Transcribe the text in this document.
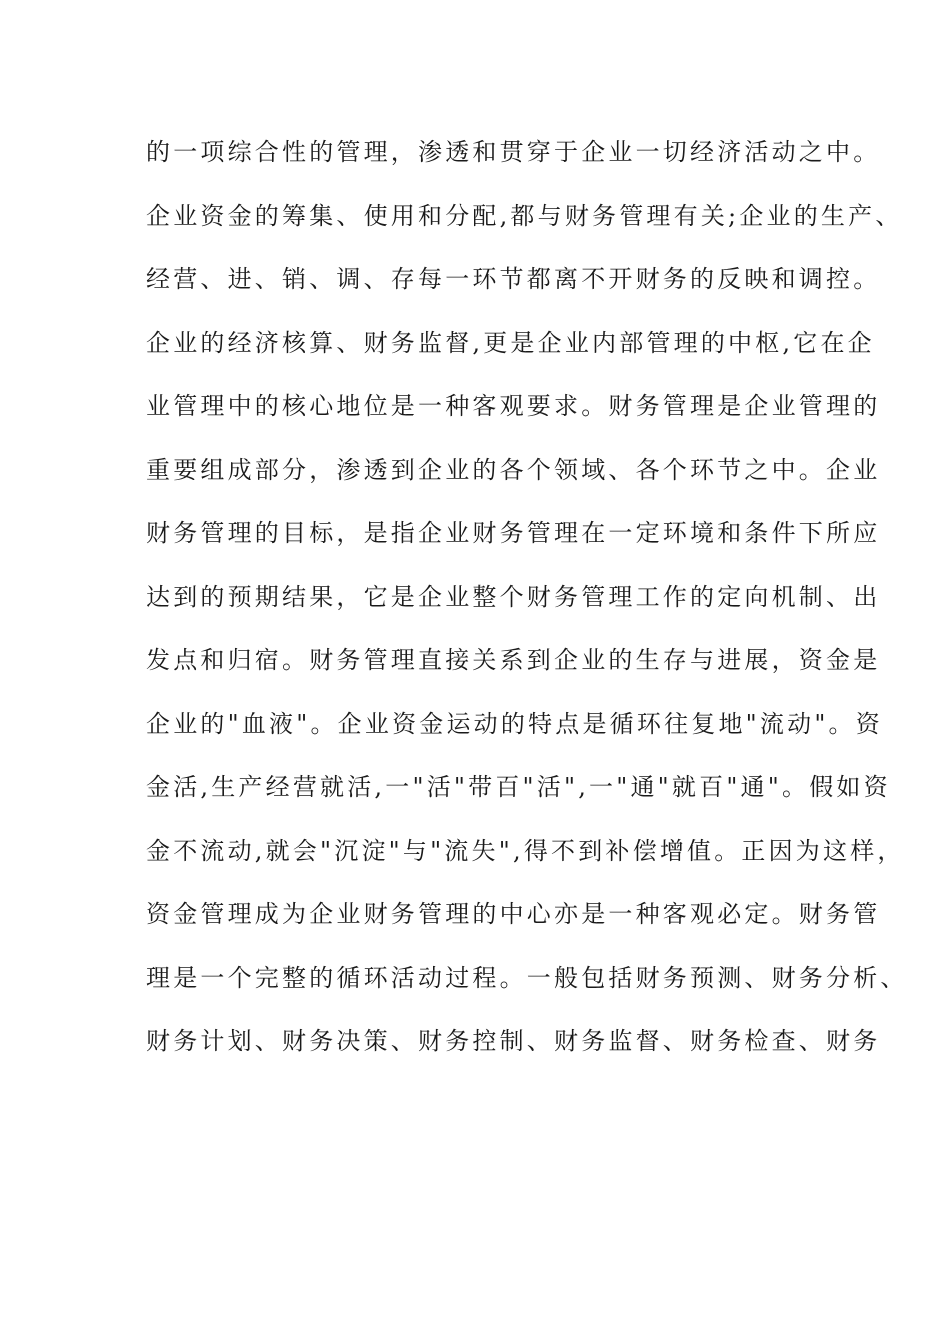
的一项综合性的管理，渗透和贯穿于企业一切经济活动之中。
企业资金的筹集、使用和分配,都与财务管理有关;企业的生产、
经营、进、销、调、存每一环节都离不开财务的反映和调控。
企业的经济核算、财务监督,更是企业内部管理的中枢,它在企
业管理中的核心地位是一种客观要求。财务管理是企业管理的
重要组成部分，渗透到企业的各个领域、各个环节之中。企业
财务管理的目标，是指企业财务管理在一定环境和条件下所应
达到的预期结果，它是企业整个财务管理工作的定向机制、出
发点和归宿。财务管理直接关系到企业的生存与进展，资金是
企业的"血液"。企业资金运动的特点是循环往复地"流动"。资
金活,生产经营就活,一"活"带百"活",一"通"就百"通"。假如资
金不流动,就会"沉淀"与"流失",得不到补偿增值。正因为这样，
资金管理成为企业财务管理的中心亦是一种客观必定。财务管
理是一个完整的循环活动过程。一般包括财务预测、财务分析、
财务计划、财务决策、财务控制、财务监督、财务检查、财务
